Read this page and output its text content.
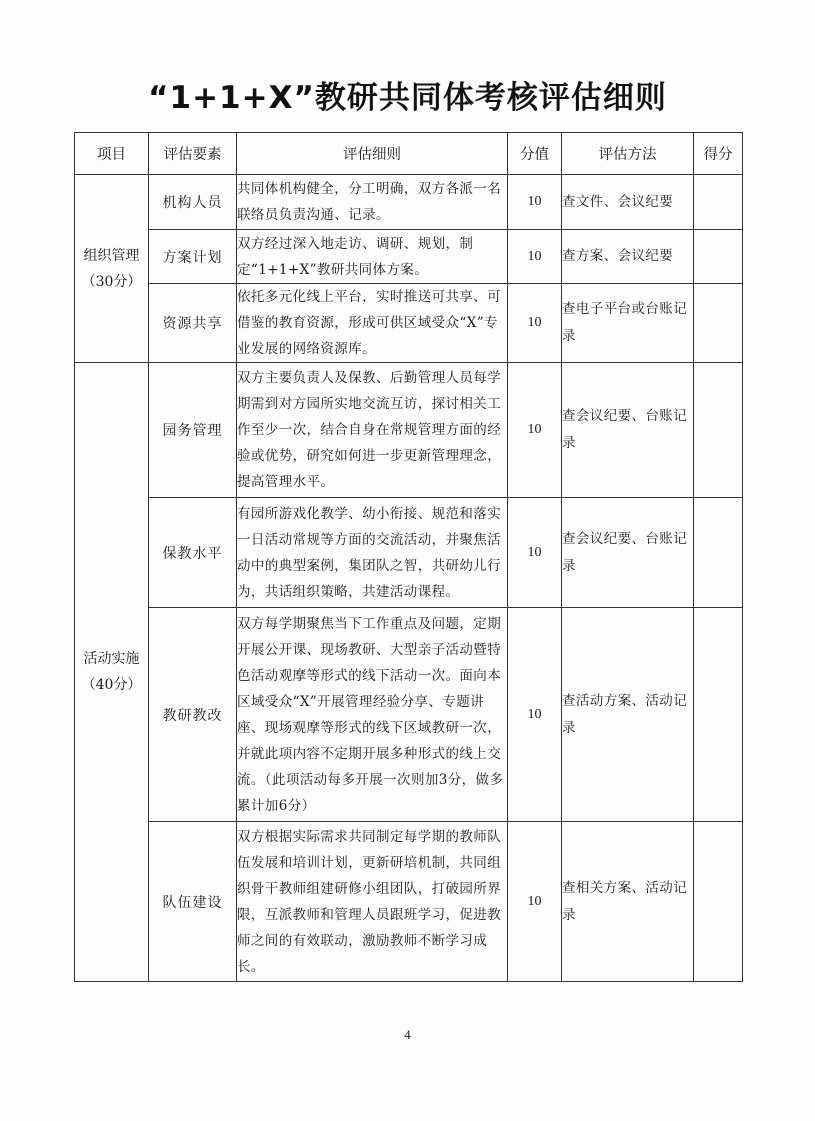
“1+1+X”教研共同体考核评估细则
项目	评估要素	评估细则	分值	评估方法	得分

组织管理
（30分）	机构人员	共同体机构健全，分工明确，双方各派一名联络员负责沟通、记录。	10	查文件、会议纪要	
	方案计划	双方经过深入地走访、调研、规划，制定“1+1+X”教研共同体方案。	10	查方案、会议纪要	
	资源共享	依托多元化线上平台，实时推送可共享、可借鉴的教育资源，形成可供区域受众“X”专业发展的网络资源库。	10	查电子平台或台账记录	

活动实施
（40分）	园务管理	双方主要负责人及保教、后勤管理人员每学期需到对方园所实地交流互访，探讨相关工作至少一次，结合自身在常规管理方面的经验或优势，研究如何进一步更新管理理念，提高管理水平。	10	查会议纪要、台账记录	
	保教水平	有园所游戏化教学、幼小衔接、规范和落实一日活动常规等方面的交流活动，并聚焦活动中的典型案例，集团队之智，共研幼儿行为，共话组织策略，共建活动课程。	10	查会议纪要、台账记录	
	教研教改	双方每学期聚焦当下工作重点及问题，定期开展公开课、现场教研、大型亲子活动暨特色活动观摩等形式的线下活动一次。面向本区域受众“X”开展管理经验分享、专题讲座、现场观摩等形式的线下区域教研一次，并就此项内容不定期开展多种形式的线上交流。（此项活动每多开展一次则加3分，做多累计加6分）	10	查活动方案、活动记录	
	队伍建设	双方根据实际需求共同制定每学期的教师队伍发展和培训计划，更新研培机制，共同组织骨干教师组建研修小组团队，打破园所界限，互派教师和管理人员跟班学习，促进教师之间的有效联动，激励教师不断学习成长。	10	查相关方案、活动记录	
4
